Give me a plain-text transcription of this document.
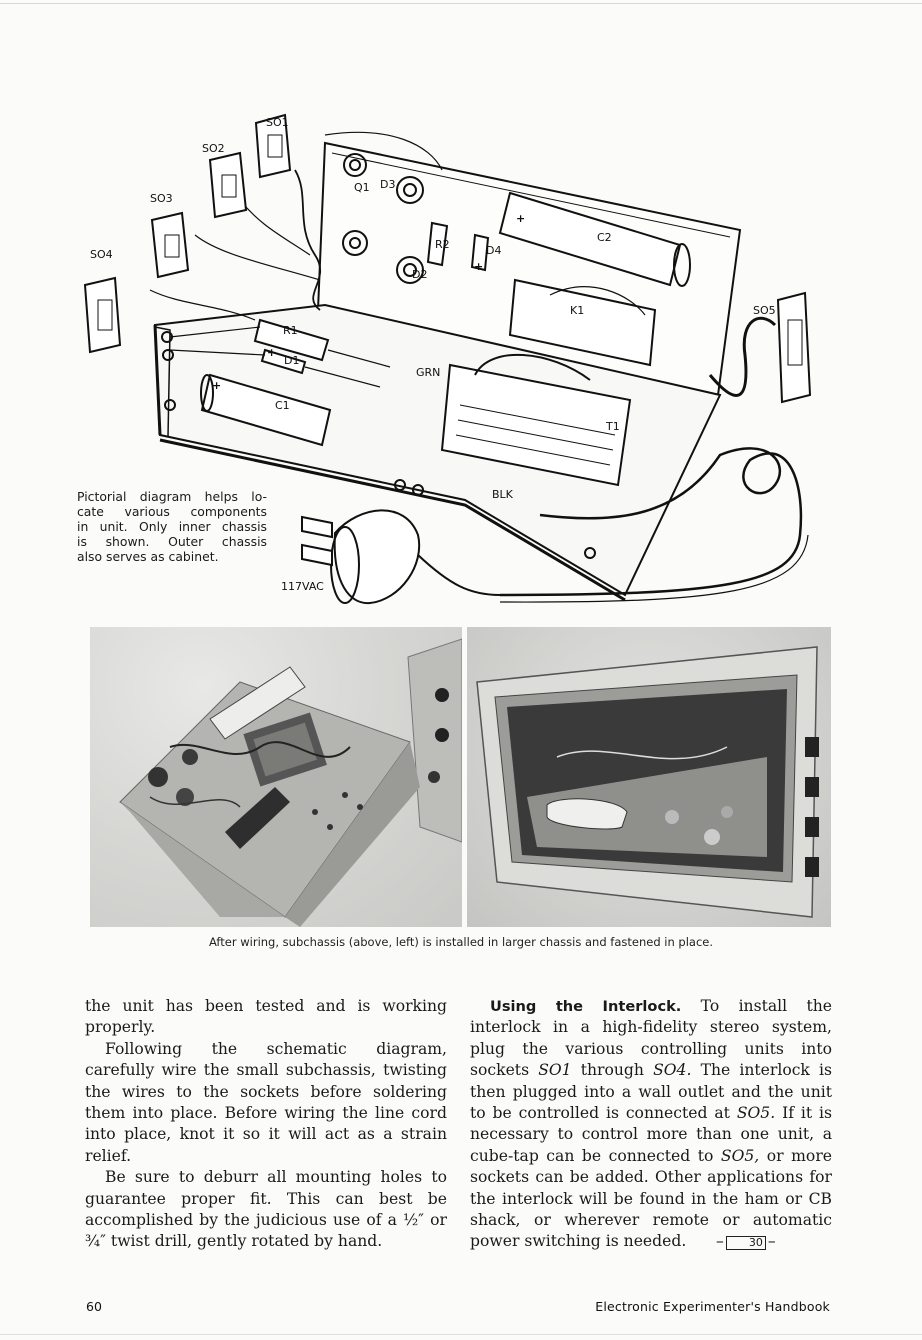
SO1
SO2
SO3
SO4
SO5
Q1 D3
R2	D4
D2
C2
K1
R1
D1
C1
GRN
T1
BLK
117VAC
+
+
+
+
Pictorial diagram helps lo-
cate various components
in unit. Only inner chassis
is shown. Outer chassis
also serves as cabinet.
After wiring, subchassis (above, left) is installed in larger chassis and fastened in place.

the unit has been tested and is working properly.

Following the schematic diagram, carefully wire the small subchassis, twisting the wires to the sockets before soldering them into place. Before wiring the line cord into place, knot it so it will act as a strain relief.

Be sure to deburr all mounting holes to guarantee proper fit. This can best be accomplished by the judicious use of a ½″ or ¾″ twist drill, gently rotated by hand.

Using the Interlock. To install the interlock in a high-fidelity stereo system, plug the various controlling units into sockets SO1 through SO4. The interlock is then plugged into a wall outlet and the unit to be controlled is connected at SO5. If it is necessary to control more than one unit, a cube-tap can be connected to SO5, or more sockets can be added. Other applications for the interlock will be found in the ham or CB shack, or wherever remote or automatic power switching is needed.      – 30 –

60	Electronic Experimenter's Handbook
